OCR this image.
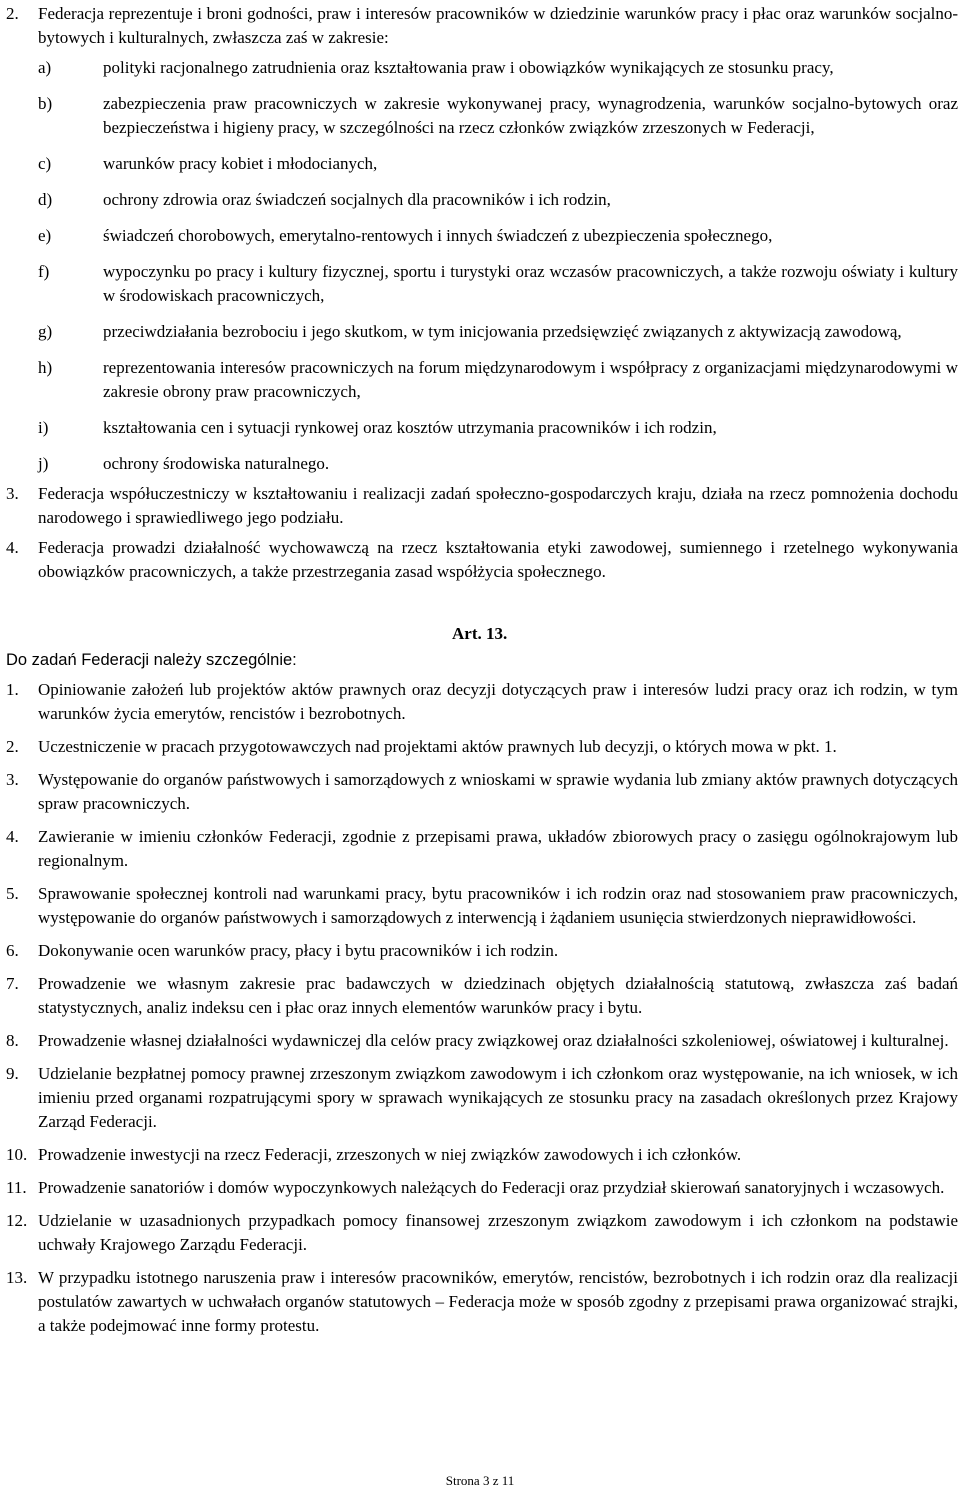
2. Federacja reprezentuje i broni godności, praw i interesów pracowników w dziedzinie warunków pracy i płac oraz warunków socjalno-bytowych i kulturalnych, zwłaszcza zaś w zakresie:
a)	polityki racjonalnego zatrudnienia oraz kształtowania praw i obowiązków wynikających ze stosunku pracy,
b)	zabezpieczenia praw pracowniczych w zakresie wykonywanej pracy, wynagrodzenia, warunków socjalno-bytowych oraz bezpieczeństwa i higieny pracy, w szczególności na rzecz członków związków zrzeszonych w Federacji,
c)	warunków pracy kobiet i młodocianych,
d)	ochrony zdrowia oraz świadczeń socjalnych dla pracowników i ich rodzin,
e)	świadczeń chorobowych, emerytalno-rentowych i innych świadczeń z ubezpieczenia społecznego,
f)	wypoczynku po pracy i kultury fizycznej, sportu i turystyki oraz wczasów pracowniczych, a także rozwoju oświaty i kultury w środowiskach pracowniczych,
g)	przeciwdziałania bezrobociu i jego skutkom, w tym inicjowania przedsięwzięć związanych z aktywizacją zawodową,
h)	reprezentowania interesów pracowniczych na forum międzynarodowym i współpracy z organizacjami międzynarodowymi w zakresie obrony praw pracowniczych,
i)	kształtowania cen i sytuacji rynkowej oraz kosztów utrzymania pracowników i ich rodzin,
j)	ochrony środowiska naturalnego.
3. Federacja współuczestniczy w kształtowaniu i realizacji zadań społeczno-gospodarczych kraju, działa na rzecz pomnożenia dochodu narodowego i sprawiedliwego jego podziału.
4. Federacja prowadzi działalność wychowawczą na rzecz kształtowania etyki zawodowej, sumiennego i rzetelnego wykonywania obowiązków pracowniczych, a także przestrzegania zasad współżycia społecznego.
Art. 13.
Do zadań Federacji należy szczególnie:
1. Opiniowanie założeń lub projektów aktów prawnych oraz decyzji dotyczących praw i interesów ludzi pracy oraz ich rodzin, w tym warunków życia emerytów, rencistów i bezrobotnych.
2. Uczestniczenie w pracach przygotowawczych nad projektami aktów prawnych lub decyzji, o których mowa w pkt. 1.
3. Występowanie do organów państwowych i samorządowych z wnioskami w sprawie wydania lub zmiany aktów prawnych dotyczących spraw pracowniczych.
4. Zawieranie w imieniu członków Federacji, zgodnie z przepisami prawa, układów zbiorowych pracy o zasięgu ogólnokrajowym lub regionalnym.
5. Sprawowanie społecznej kontroli nad warunkami pracy, bytu pracowników i ich rodzin oraz nad stosowaniem praw pracowniczych, występowanie do organów państwowych i samorządowych z interwencją i żądaniem usunięcia stwierdzonych nieprawidłowości.
6. Dokonywanie ocen warunków pracy, płacy i bytu pracowników i ich rodzin.
7. Prowadzenie we własnym zakresie prac badawczych w dziedzinach objętych działalnością statutową, zwłaszcza zaś badań statystycznych, analiz indeksu cen i płac oraz innych elementów warunków pracy i bytu.
8. Prowadzenie własnej działalności wydawniczej dla celów pracy związkowej oraz działalności szkoleniowej, oświatowej i kulturalnej.
9. Udzielanie bezpłatnej pomocy prawnej zrzeszonym związkom zawodowym i ich członkom oraz występowanie, na ich wniosek, w ich imieniu przed organami rozpatrującymi spory w sprawach wynikających ze stosunku pracy na zasadach określonych przez Krajowy Zarząd Federacji.
10. Prowadzenie inwestycji na rzecz Federacji, zrzeszonych w niej związków zawodowych i ich członków.
11. Prowadzenie sanatoriów i domów wypoczynkowych należących do Federacji oraz przydział skierowań sanatoryjnych i wczasowych.
12. Udzielanie w uzasadnionych przypadkach pomocy finansowej zrzeszonym związkom zawodowym i ich członkom na podstawie uchwały Krajowego Zarządu Federacji.
13. W przypadku istotnego naruszenia praw i interesów pracowników, emerytów, rencistów, bezrobotnych i ich rodzin oraz dla realizacji postulatów zawartych w uchwałach organów statutowych – Federacja może w sposób zgodny z przepisami prawa organizować strajki, a także podejmować inne formy protestu.
Strona 3 z 11
